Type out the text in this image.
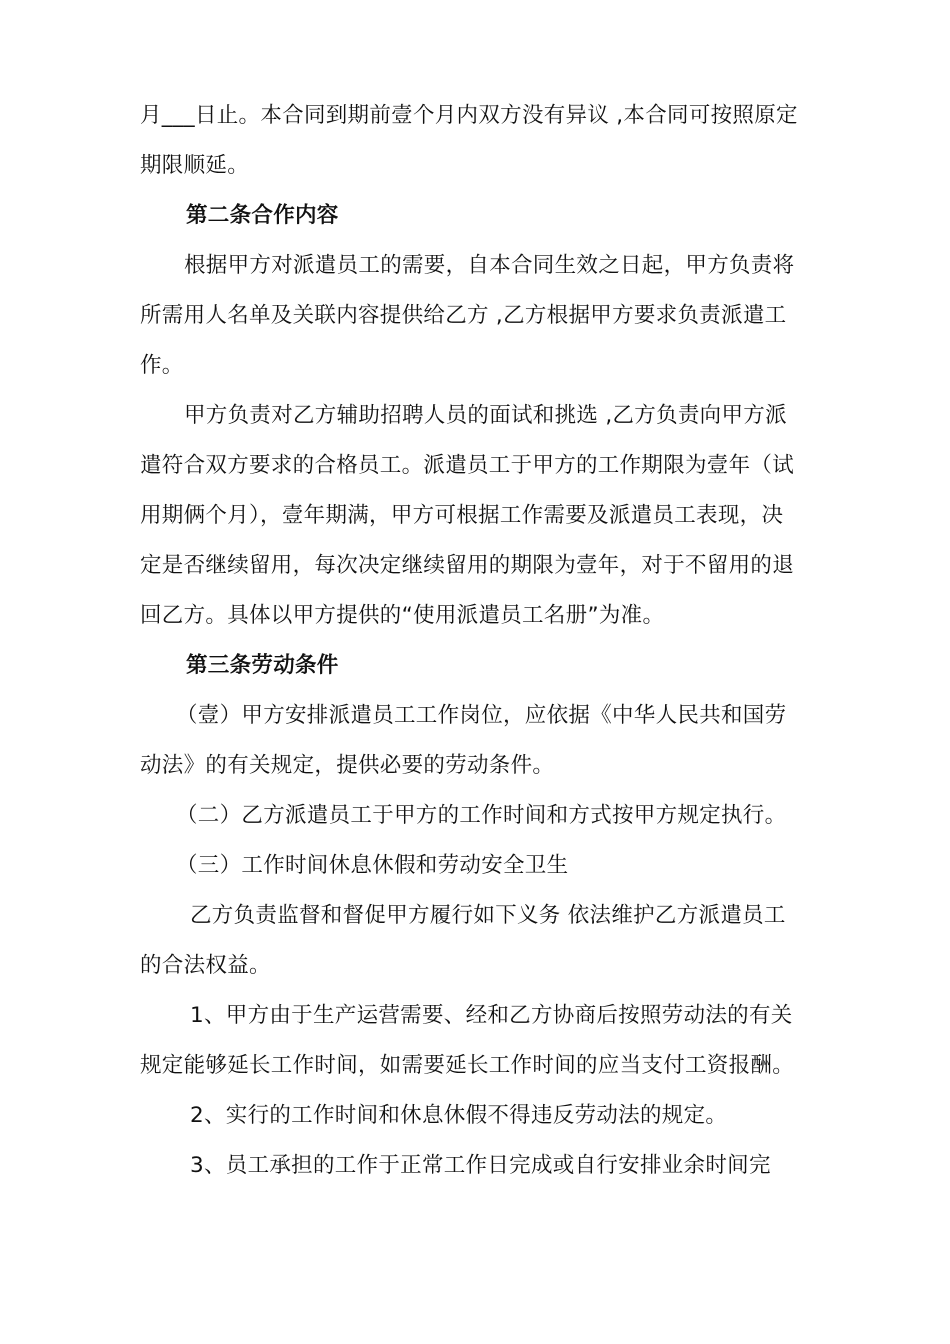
月___日止。本合同到期前壹个月内双方没有异议 ,本合同可按照原定
期限顺延。
第二条合作内容
根据甲方对派遣员工的需要，自本合同生效之日起，甲方负责将
所需用人名单及关联内容提供给乙方 ,乙方根据甲方要求负责派遣工
作。
甲方负责对乙方辅助招聘人员的面试和挑选 ,乙方负责向甲方派
遣符合双方要求的合格员工。派遣员工于甲方的工作期限为壹年（试
用期俩个月），壹年期满，甲方可根据工作需要及派遣员工表现，决
定是否继续留用，每次决定继续留用的期限为壹年，对于不留用的退
回乙方。具体以甲方提供的“使用派遣员工名册”为准。
第三条劳动条件
（壹）甲方安排派遣员工工作岗位，应依据《中华人民共和国劳
动法》的有关规定，提供必要的劳动条件。
（二）乙方派遣员工于甲方的工作时间和方式按甲方规定执行。
（三）工作时间休息休假和劳动安全卫生
乙方负责监督和督促甲方履行如下义务 依法维护乙方派遣员工
的合法权益。
1、甲方由于生产运营需要、经和乙方协商后按照劳动法的有关
规定能够延长工作时间，如需要延长工作时间的应当支付工资报酬。
2、实行的工作时间和休息休假不得违反劳动法的规定。
3、员工承担的工作于正常工作日完成或自行安排业余时间完
